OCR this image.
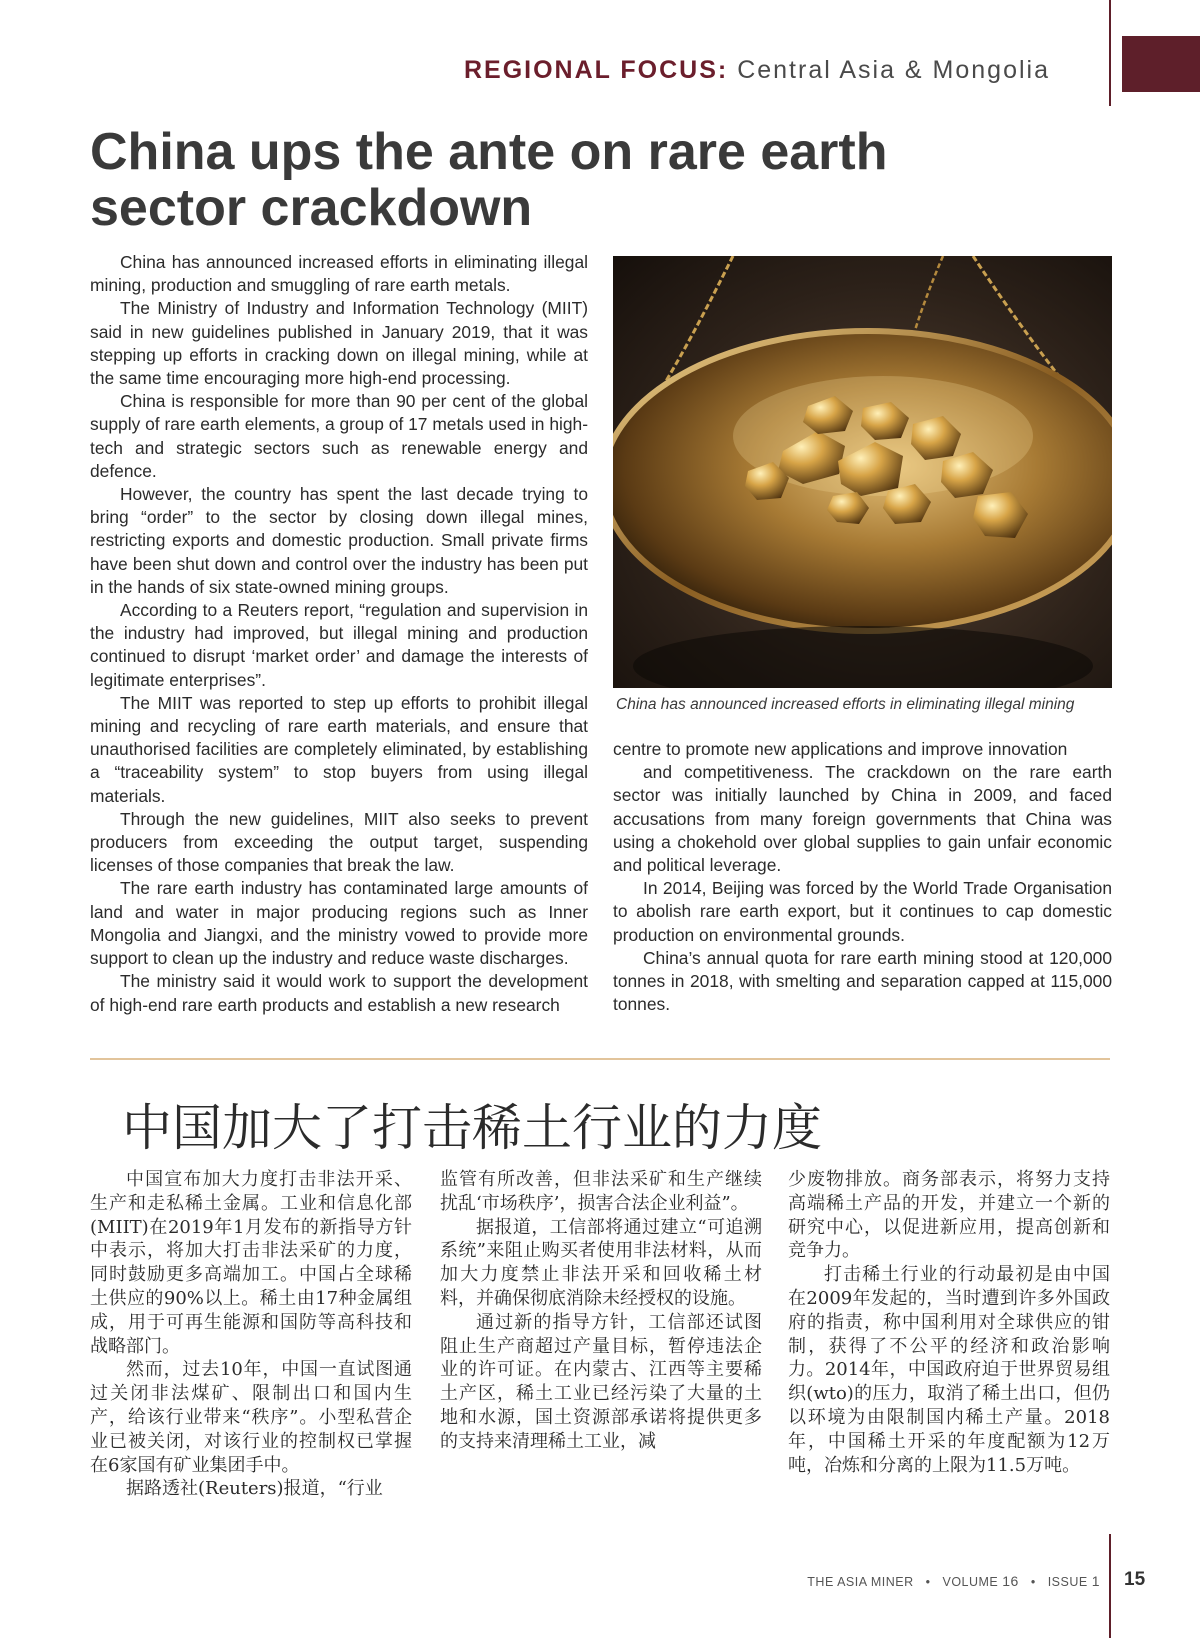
REGIONAL FOCUS: Central Asia & Mongolia
China ups the ante on rare earth
sector crackdown

China has announced increased efforts in eliminating illegal mining, production and smuggling of rare earth metals.

The Ministry of Industry and Information Technology (MIIT) said in new guidelines published in January 2019, that it was stepping up efforts in cracking down on illegal mining, while at the same time encouraging more high-end processing.

China is responsible for more than 90 per cent of the global supply of rare earth elements, a group of 17 metals used in high-tech and strategic sectors such as renewable energy and defence.

However, the country has spent the last decade trying to bring “order” to the sector by closing down illegal mines, restricting exports and domestic production. Small private firms have been shut down and control over the industry has been put in the hands of six state-owned mining groups.

According to a Reuters report, “regulation and supervision in the industry had improved, but illegal mining and production continued to disrupt ‘market order’ and damage the interests of legitimate enterprises”.

The MIIT was reported to step up efforts to prohibit illegal mining and recycling of rare earth materials, and ensure that unauthorised facilities are completely eliminated, by establishing a “traceability system” to stop buyers from using illegal materials.

Through the new guidelines, MIIT also seeks to prevent producers from exceeding the output target, suspending licenses of those companies that break the law.

The rare earth industry has contaminated large amounts of land and water in major producing regions such as Inner Mongolia and Jiangxi, and the ministry vowed to provide more support to clean up the industry and reduce waste discharges.

The ministry said it would work to support the development of high-end rare earth products and establish a new research

China has announced increased efforts in eliminating illegal mining

centre to promote new applications and improve innovation

and competitiveness. The crackdown on the rare earth sector was initially launched by China in 2009, and faced accusations from many foreign governments that China was using a chokehold over global supplies to gain unfair economic and political leverage.

In 2014, Beijing was forced by the World Trade Organisation to abolish rare earth export, but it continues to cap domestic production on environmental grounds.

China’s annual quota for rare earth mining stood at 120,000 tonnes in 2018, with smelting and separation capped at 115,000 tonnes.

中国加大了打击稀土行业的力度

中国宣布加大力度打击非法开采、生产和走私稀土金属。工业和信息化部(MIIT)在2019年1月发布的新指导方针中表示，将加大打击非法采矿的力度，同时鼓励更多高端加工。中国占全球稀土供应的90%以上。稀土由17种金属组成，用于可再生能源和国防等高科技和战略部门。

然而，过去10年，中国一直试图通过关闭非法煤矿、限制出口和国内生产，给该行业带来“秩序”。小型私营企业已被关闭，对该行业的控制权已掌握在6家国有矿业集团手中。

据路透社(Reuters)报道，“行业

监管有所改善，但非法采矿和生产继续扰乱‘市场秩序’，损害合法企业利益”。

据报道，工信部将通过建立“可追溯系统”来阻止购买者使用非法材料，从而加大力度禁止非法开采和回收稀土材料，并确保彻底消除未经授权的设施。

通过新的指导方针，工信部还试图阻止生产商超过产量目标，暂停违法企业的许可证。在内蒙古、江西等主要稀土产区，稀土工业已经污染了大量的土地和水源，国土资源部承诺将提供更多的支持来清理稀土工业，减

少废物排放。商务部表示，将努力支持高端稀土产品的开发，并建立一个新的研究中心，以促进新应用，提高创新和竞争力。

打击稀土行业的行动最初是由中国在2009年发起的，当时遭到许多外国政府的指责，称中国利用对全球供应的钳制，获得了不公平的经济和政治影响力。2014年，中国政府迫于世界贸易组织(wto)的压力，取消了稀土出口，但仍以环境为由限制国内稀土产量。2018年，中国稀土开采的年度配额为12万吨，冶炼和分离的上限为11.5万吨。

THE ASIA MINER • VOLUME 16 • ISSUE 1 15
